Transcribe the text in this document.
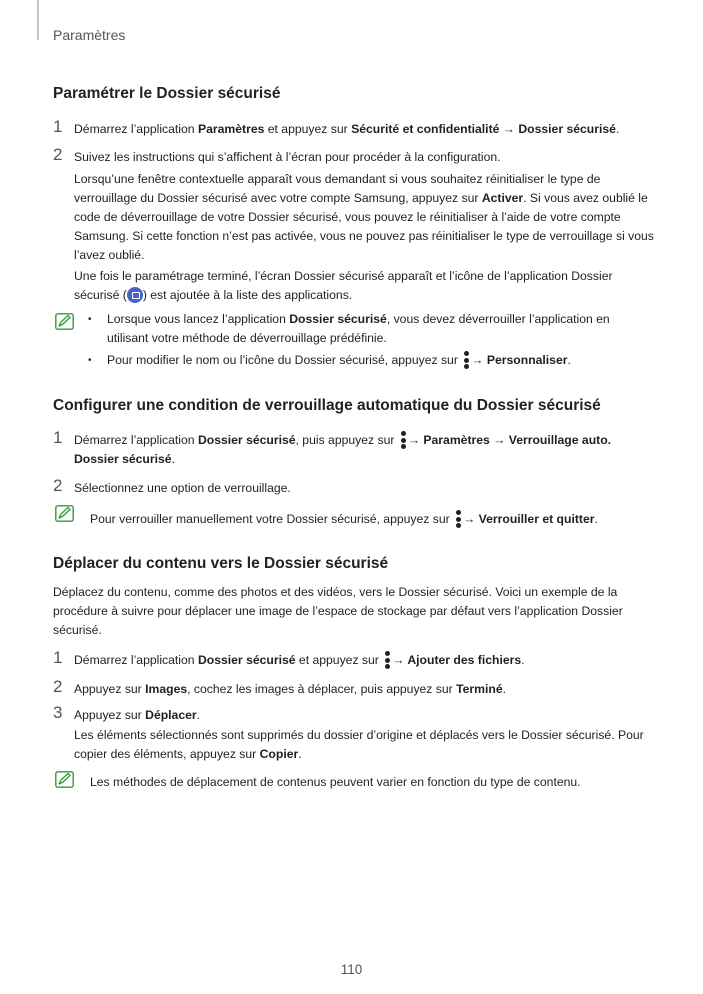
Paramètres
Paramétrer le Dossier sécurisé
1 Démarrez l’application Paramètres et appuyez sur Sécurité et confidentialité → Dossier sécurisé.
2 Suivez les instructions qui s’affichent à l’écran pour procéder à la configuration.
Lorsqu’une fenêtre contextuelle apparaît vous demandant si vous souhaitez réinitialiser le type de verrouillage du Dossier sécurisé avec votre compte Samsung, appuyez sur Activer. Si vous avez oublié le code de déverrouillage de votre Dossier sécurisé, vous pouvez le réinitialiser à l’aide de votre compte Samsung. Si cette fonction n’est pas activée, vous ne pouvez pas réinitialiser le type de verrouillage si vous l’avez oublié.
Une fois le paramétrage terminé, l’écran Dossier sécurisé apparaît et l’icône de l’application Dossier sécurisé ( ) est ajoutée à la liste des applications.
• Lorsque vous lancez l’application Dossier sécurisé, vous devez déverrouiller l’application en utilisant votre méthode de déverrouillage prédéfinie.
• Pour modifier le nom ou l’icône du Dossier sécurisé, appuyez sur
→ Personnaliser.
Configurer une condition de verrouillage automatique du Dossier sécurisé
1 Démarrez l’application Dossier sécurisé, puis appuyez sur
→ Paramètres → Verrouillage auto. Dossier sécurisé.
2 Sélectionnez une option de verrouillage.
Pour verrouiller manuellement votre Dossier sécurisé, appuyez sur
→ Verrouiller et quitter.
Déplacer du contenu vers le Dossier sécurisé
Déplacez du contenu, comme des photos et des vidéos, vers le Dossier sécurisé. Voici un exemple de la procédure à suivre pour déplacer une image de l’espace de stockage par défaut vers l’application Dossier sécurisé.
1 Démarrez l’application Dossier sécurisé et appuyez sur
→ Ajouter des fichiers.
2 Appuyez sur Images, cochez les images à déplacer, puis appuyez sur Terminé.
3 Appuyez sur Déplacer.
Les éléments sélectionnés sont supprimés du dossier d’origine et déplacés vers le Dossier sécurisé. Pour copier des éléments, appuyez sur Copier.
Les méthodes de déplacement de contenus peuvent varier en fonction du type de contenu.
110
